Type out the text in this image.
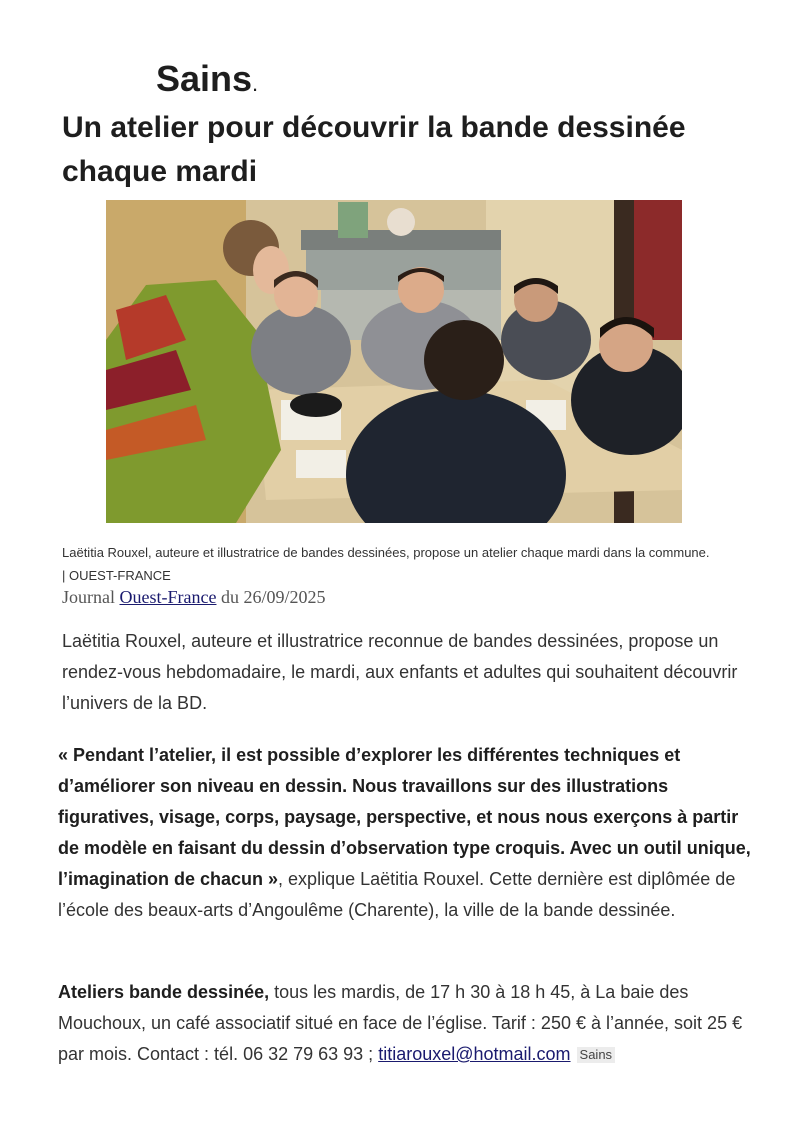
Sains.
Un atelier pour découvrir la bande dessinée chaque mardi
Laëtitia Rouxel, auteure et illustratrice de bandes dessinées, propose un atelier chaque mardi dans la commune.
| OUEST-FRANCE
Journal Ouest-France du 26/09/2025

Laëtitia Rouxel, auteure et illustratrice reconnue de bandes dessinées, propose un rendez-vous hebdomadaire, le mardi, aux enfants et adultes qui souhaitent découvrir l’univers de la BD.

« Pendant l’atelier, il est possible d’explorer les différentes techniques et d’améliorer son niveau en dessin. Nous travaillons sur des illustrations figuratives, visage, corps, paysage, perspective, et nous nous exerçons à partir de modèle en faisant du dessin d’observation type croquis. Avec un outil unique, l’imagination de chacun », explique Laëtitia Rouxel. Cette dernière est diplômée de l’école des beaux-arts d’Angoulême (Charente), la ville de la bande dessinée.

Ateliers bande dessinée, tous les mardis, de 17 h 30 à 18 h 45, à La baie des Mouchoux, un café associatif situé en face de l’église. Tarif : 250 € à l’année, soit 25 € par mois. Contact : tél. 06 32 79 63 93 ; titiarouxel@hotmail.com Sains
